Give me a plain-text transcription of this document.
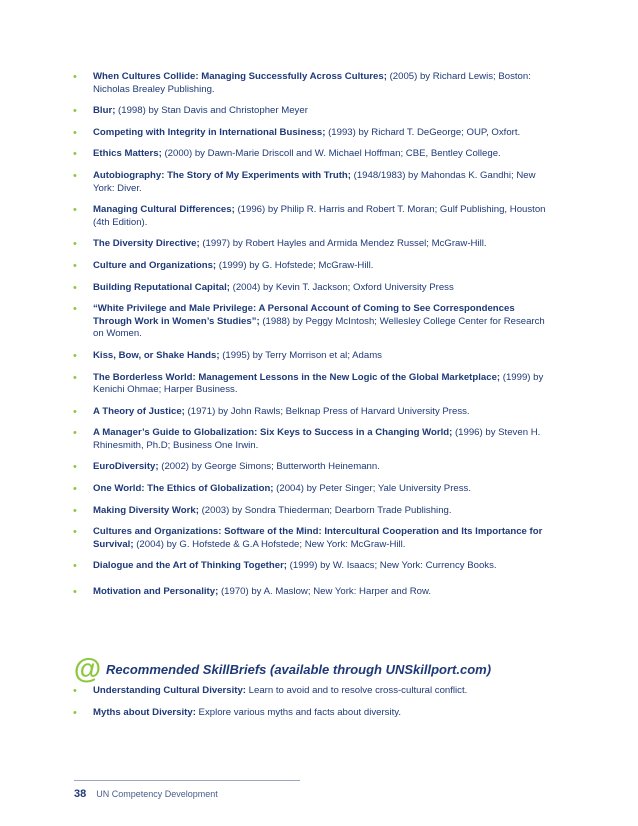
• When Cultures Collide: Managing Successfully Across Cultures; (2005) by Richard Lewis; Boston: Nicholas Brealey Publishing.
• Blur; (1998) by Stan Davis and Christopher Meyer
• Competing with Integrity in International Business; (1993) by Richard T. DeGeorge; OUP, Oxfort.
• Ethics Matters; (2000) by Dawn-Marie Driscoll and W. Michael Hoffman; CBE, Bentley College.
• Autobiography: The Story of My Experiments with Truth; (1948/1983) by Mahondas K. Gandhi; New York: Diver.
• Managing Cultural Differences; (1996) by Philip R. Harris and Robert T. Moran; Gulf Publishing, Houston (4th Edition).
• The Diversity Directive; (1997) by Robert Hayles and Armida Mendez Russel; McGraw-Hill.
• Culture and Organizations; (1999) by G. Hofstede; McGraw-Hill.
• Building Reputational Capital; (2004) by Kevin T. Jackson; Oxford University Press
• “White Privilege and Male Privilege: A Personal Account of Coming to See Correspondences Through Work in Women’s Studies”; (1988) by Peggy McIntosh; Wellesley College Center for Research on Women.
• Kiss, Bow, or Shake Hands; (1995) by Terry Morrison et al; Adams
• The Borderless World: Management Lessons in the New Logic of the Global Marketplace; (1999) by Kenichi Ohmae; Harper Business.
• A Theory of Justice; (1971) by John Rawls; Belknap Press of Harvard University Press.
• A Manager’s Guide to Globalization: Six Keys to Success in a Changing World; (1996) by Steven H. Rhinesmith, Ph.D; Business One Irwin.
• EuroDiversity; (2002) by George Simons; Butterworth Heinemann.
• One World: The Ethics of Globalization; (2004) by Peter Singer; Yale University Press.
• Making Diversity Work; (2003) by Sondra Thiederman; Dearborn Trade Publishing.
• Cultures and Organizations: Software of the Mind: Intercultural Cooperation and Its Importance for Survival; (2004) by G. Hofstede & G.A Hofstede; New York: McGraw-Hill.
• Dialogue and the Art of Thinking Together; (1999) by W. Isaacs; New York: Currency Books.
• Motivation and Personality; (1970) by A. Maslow; New York: Harper and Row.
@ Recommended SkillBriefs (available through UNSkillport.com)
• Understanding Cultural Diversity: Learn to avoid and to resolve cross-cultural conflict.
• Myths about Diversity: Explore various myths and facts about diversity.
38 UN Competency Development
